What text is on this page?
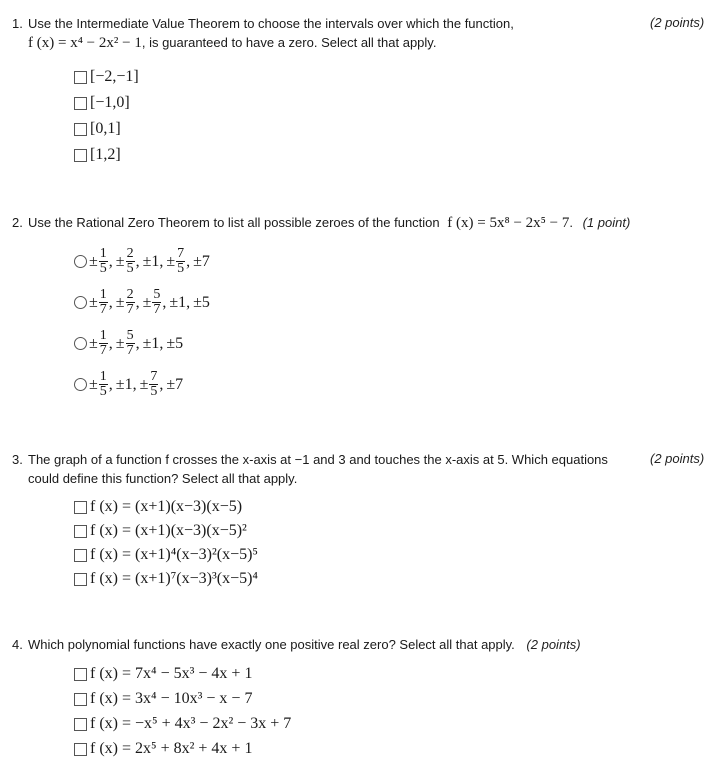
1. Use the Intermediate Value Theorem to choose the intervals over which the function,	(2 points)
f (x) = x⁴ − 2x² − 1, is guaranteed to have a zero. Select all that apply.
[−2,−1]
[−1,0]
[0,1]
[1,2]
2. Use the Rational Zero Theorem to list all possible zeroes of the function f (x) = 5x⁸ − 2x⁵ − 7. (1 point)
± $\frac{1}{5}$ , ± $\frac{2}{5}$ , ±1 , ± $\frac{7}{5}$ , ±7
± $\frac{1}{7}$ , ± $\frac{2}{7}$ , ± $\frac{5}{7}$ , ±1 , ±5
± $\frac{1}{7}$ , ± $\frac{5}{7}$ , ±1 , ±5
± $\frac{1}{5}$ , ±1 , ± $\frac{7}{5}$ , ±7
3. The graph of a function f crosses the x-axis at −1 and 3 and touches the x-axis at 5. Which equations	(2 points)
could define this function? Select all that apply.
f (x) = (x+1)(x−3)(x−5)
f (x) = (x+1)(x−3)(x−5)²
f (x) = (x+1)⁴(x−3)²(x−5)⁵
f (x) = (x+1)⁷(x−3)³(x−5)⁴
4. Which polynomial functions have exactly one positive real zero? Select all that apply. (2 points)
f (x) = 7x⁴ − 5x³ − 4x + 1
f (x) = 3x⁴ − 10x³ − x − 7
f (x) = −x⁵ + 4x³ − 2x² − 3x + 7
f (x) = 2x⁵ + 8x² + 4x + 1
